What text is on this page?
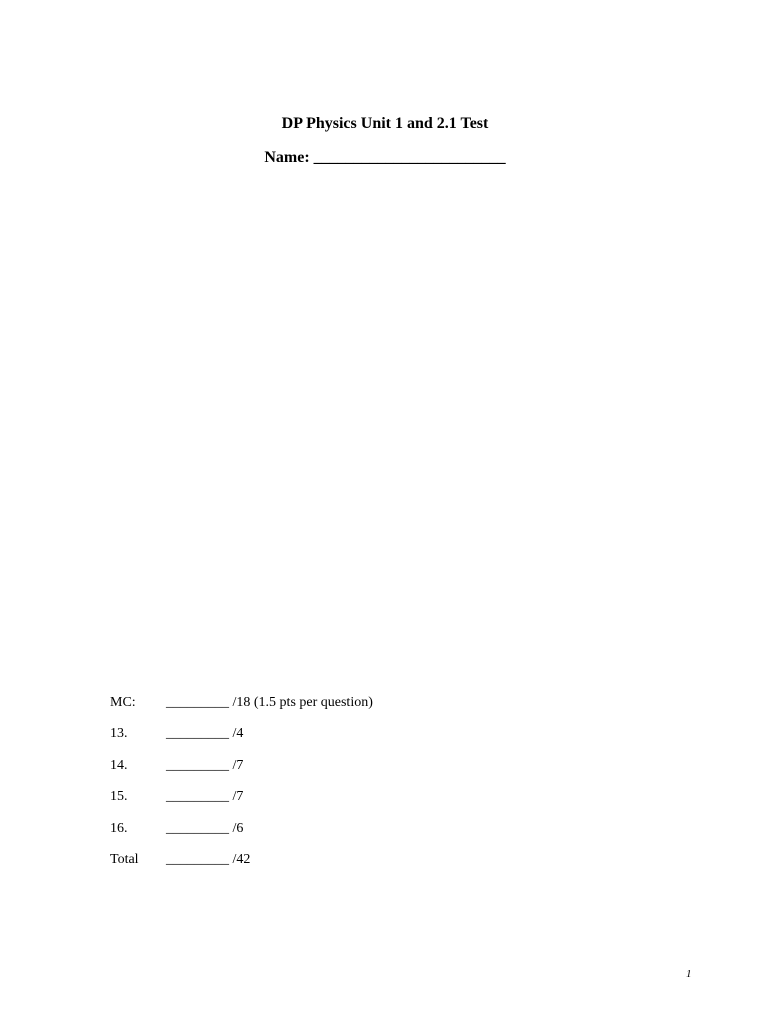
DP Physics Unit 1 and 2.1 Test
Name: ________________________
MC: _________ /18 (1.5 pts per question)
13.	_________ /4
14.	_________ /7
15.	_________ /7
16.	_________ /6
Total _________ /42
1
